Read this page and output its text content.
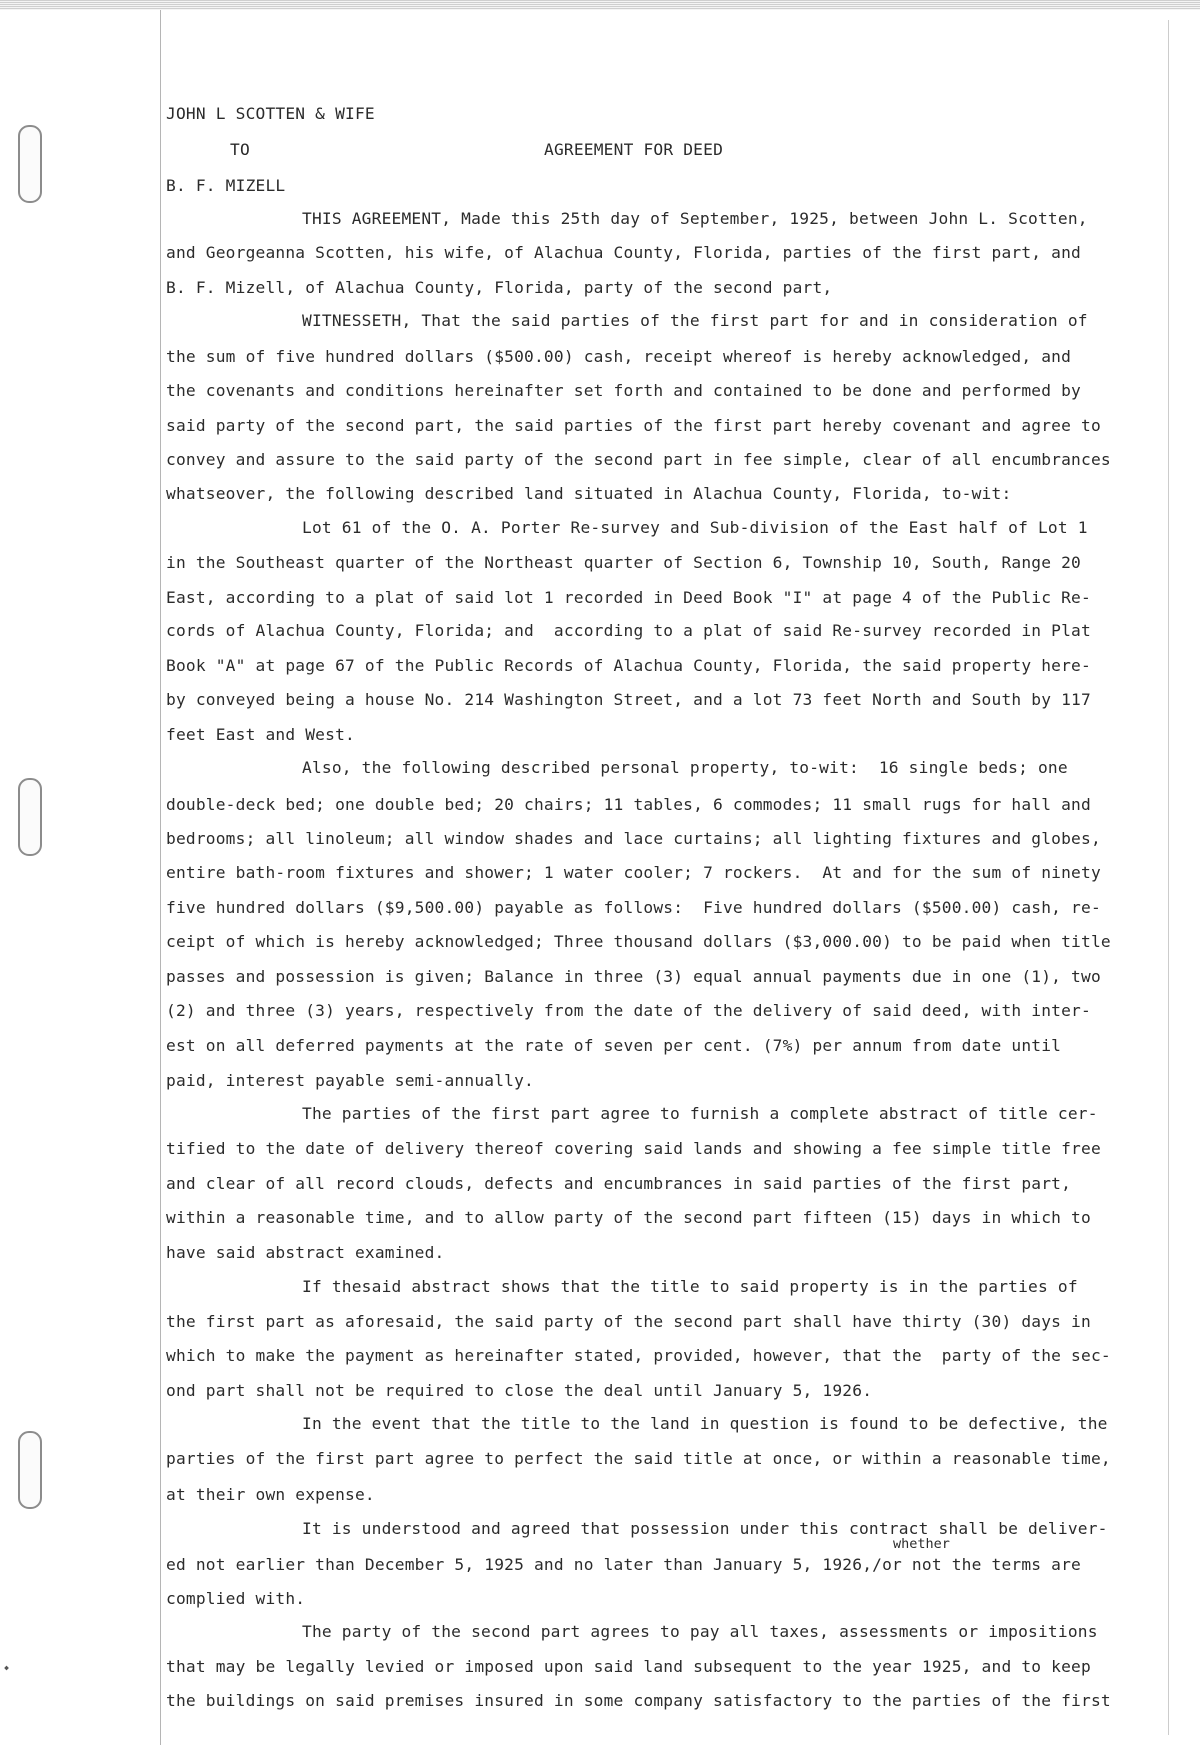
⬩
JOHN L SCOTTEN & WIFE
TO	AGREEMENT FOR DEED
B. F. MIZELL
THIS AGREEMENT, Made this 25th day of September, 1925, between John L. Scotten,
and Georgeanna Scotten, his wife, of Alachua County, Florida, parties of the first part, and
B. F. Mizell, of Alachua County, Florida, party of the second part,
WITNESSETH, That the said parties of the first part for and in consideration of
the sum of five hundred dollars ($500.00) cash, receipt whereof is hereby acknowledged, and
the covenants and conditions hereinafter set forth and contained to be done and performed by
said party of the second part, the said parties of the first part hereby covenant and agree to
convey and assure to the said party of the second part in fee simple, clear of all encumbrances
whatseover, the following described land situated in Alachua County, Florida, to-wit:
Lot 61 of the O. A. Porter Re-survey and Sub-division of the East half of Lot 1
in the Southeast quarter of the Northeast quarter of Section 6, Township 10, South, Range 20
East, according to a plat of said lot 1 recorded in Deed Book "I" at page 4 of the Public Re-
cords of Alachua County, Florida; and  according to a plat of said Re-survey recorded in Plat
Book "A" at page 67 of the Public Records of Alachua County, Florida, the said property here-
by conveyed being a house No. 214 Washington Street, and a lot 73 feet North and South by 117
feet East and West.
Also, the following described personal property, to-wit:  16 single beds; one
double-deck bed; one double bed; 20 chairs; 11 tables, 6 commodes; 11 small rugs for hall and
bedrooms; all linoleum; all window shades and lace curtains; all lighting fixtures and globes,
entire bath-room fixtures and shower; 1 water cooler; 7 rockers.  At and for the sum of ninety
five hundred dollars ($9,500.00) payable as follows:  Five hundred dollars ($500.00) cash, re-
ceipt of which is hereby acknowledged; Three thousand dollars ($3,000.00) to be paid when title
passes and possession is given; Balance in three (3) equal annual payments due in one (1), two
(2) and three (3) years, respectively from the date of the delivery of said deed, with inter-
est on all deferred payments at the rate of seven per cent. (7%) per annum from date until
paid, interest payable semi-annually.
The parties of the first part agree to furnish a complete abstract of title cer-
tified to the date of delivery thereof covering said lands and showing a fee simple title free
and clear of all record clouds, defects and encumbrances in said parties of the first part,
within a reasonable time, and to allow party of the second part fifteen (15) days in which to
have said abstract examined.
If thesaid abstract shows that the title to said property is in the parties of
the first part as aforesaid, the said party of the second part shall have thirty (30) days in
which to make the payment as hereinafter stated, provided, however, that the  party of the sec-
ond part shall not be required to close the deal until January 5, 1926.
In the event that the title to the land in question is found to be defective, the
parties of the first part agree to perfect the said title at once, or within a reasonable time,
at their own expense.
It is understood and agreed that possession under this contract shall be deliver-
whether
ed not earlier than December 5, 1925 and no later than January 5, 1926,/or not the terms are
complied with.
The party of the second part agrees to pay all taxes, assessments or impositions
that may be legally levied or imposed upon said land subsequent to the year 1925, and to keep
the buildings on said premises insured in some company satisfactory to the parties of the first
